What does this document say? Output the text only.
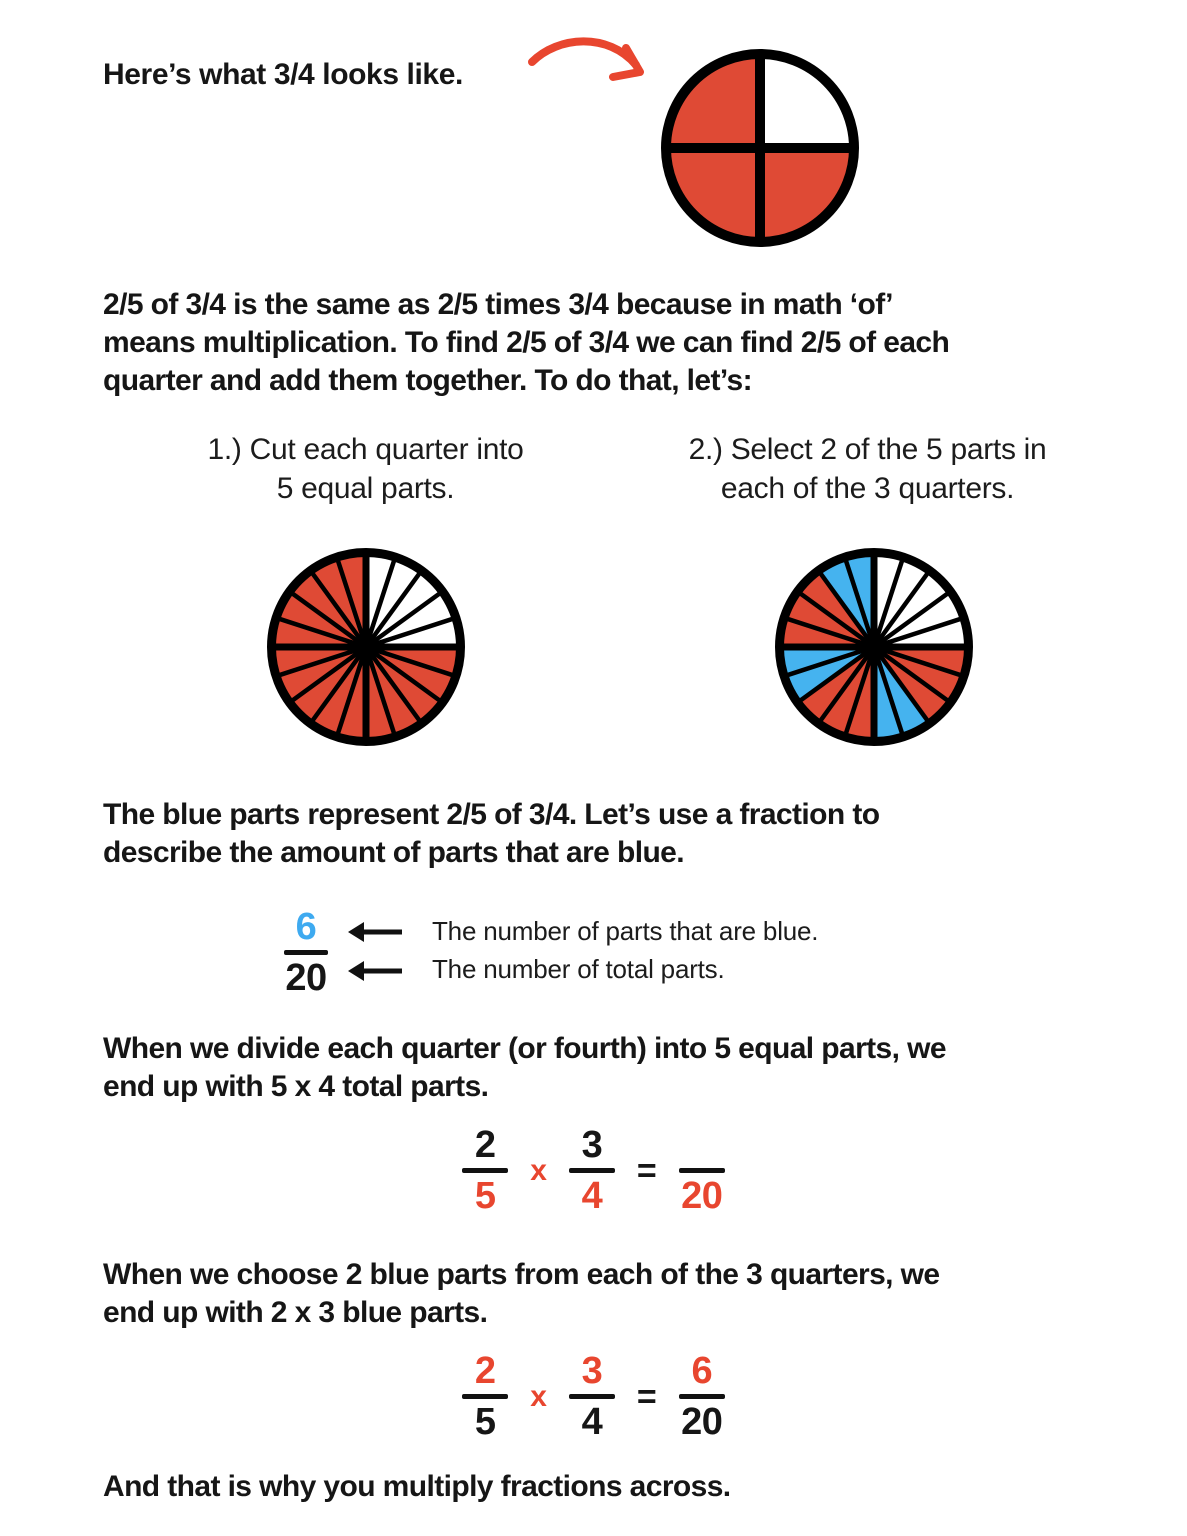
Here’s what 3/4 looks like.
2/5 of 3/4 is the same as 2/5 times 3/4 because in math ‘of’
means multiplication. To find 2/5 of 3/4 we can find 2/5 of each
quarter and add them together. To do that, let’s:
1.) Cut each quarter into
5 equal parts.
2.) Select 2 of the 5 parts in
each of the 3 quarters.
The blue parts represent 2/5 of 3/4. Let’s use a fraction to
describe the amount of parts that are blue.
6
20
The number of parts that are blue.
The number of total parts.
When we divide each quarter (or fourth) into 5 equal parts, we
end up with 5 x 4 total parts.
2
5
x
3
4
=
20
When we choose 2 blue parts from each of the 3 quarters, we
end up with 2 x 3 blue parts.
2
5
x
3
4
=
6
20
And that is why you multiply fractions across.
